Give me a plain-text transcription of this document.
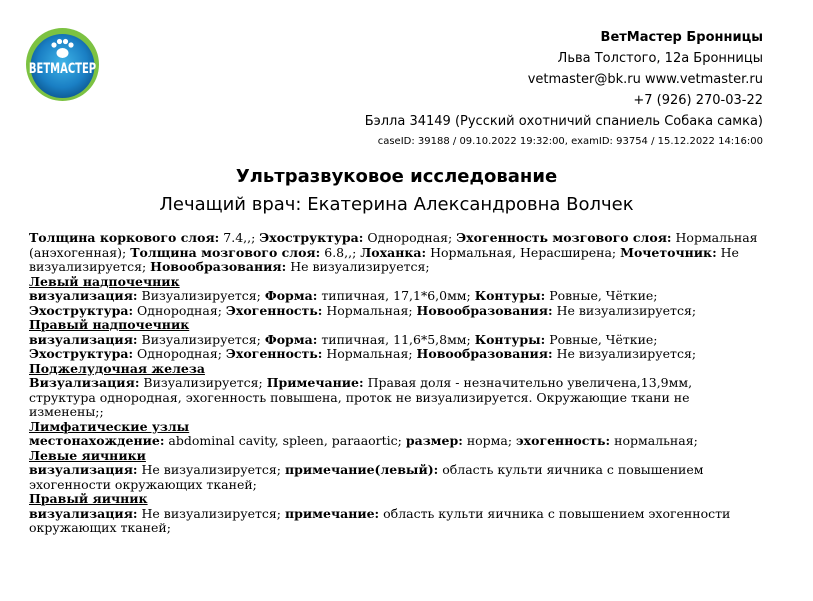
ВЕТМАСТЕР
ВетМастер Бронницы
Льва Толстого, 12а Бронницы
vetmaster@bk.ru www.vetmaster.ru
+7 (926) 270-03-22
Бэлла 34149 (Русский охотничий спаниель Собака самка)
caseID: 39188 / 09.10.2022 19:32:00, examID: 93754 / 15.12.2022 14:16:00
Ультразвуковое исследование
Лечащий врач: Екатерина Александровна Волчек

Толщина коркового слоя: 7.4,,; Эхоструктура: Однородная; Эхогенность мозгового слоя: Нормальная (анэхогенная); Толщина мозгового слоя: 6.8,,; Лоханка: Нормальная, Нерасширена; Мочеточник: Не визуализируется; Новообразования: Не визуализируется;

Левый надпочечник

визуализация: Визуализируется; Форма: типичная, 17,1*6,0мм; Контуры: Ровные, Чёткие;
Эхоструктура: Однородная; Эхогенность: Нормальная; Новообразования: Не визуализируется;

Правый надпочечник

визуализация: Визуализируется; Форма: типичная, 11,6*5,8мм; Контуры: Ровные, Чёткие;
Эхоструктура: Однородная; Эхогенность: Нормальная; Новообразования: Не визуализируется;

Поджелудочная железа

Визуализация: Визуализируется; Примечание: Правая доля - незначительно увеличена,13,9мм, структура однородная, эхогенность повышена, проток не визуализируется. Окружающие ткани не изменены;;

Лимфатические узлы

местонахождение: abdominal cavity, spleen, paraaortic; размер: норма; эхогенность: нормальная;

Левые яичники

визуализация: Не визуализируется; примечание(левый): область культи яичника с повышением эхогенности окружающих тканей;

Правый яичник

визуализация: Не визуализируется; примечание: область культи яичника с повышением эхогенности окружающих тканей;
